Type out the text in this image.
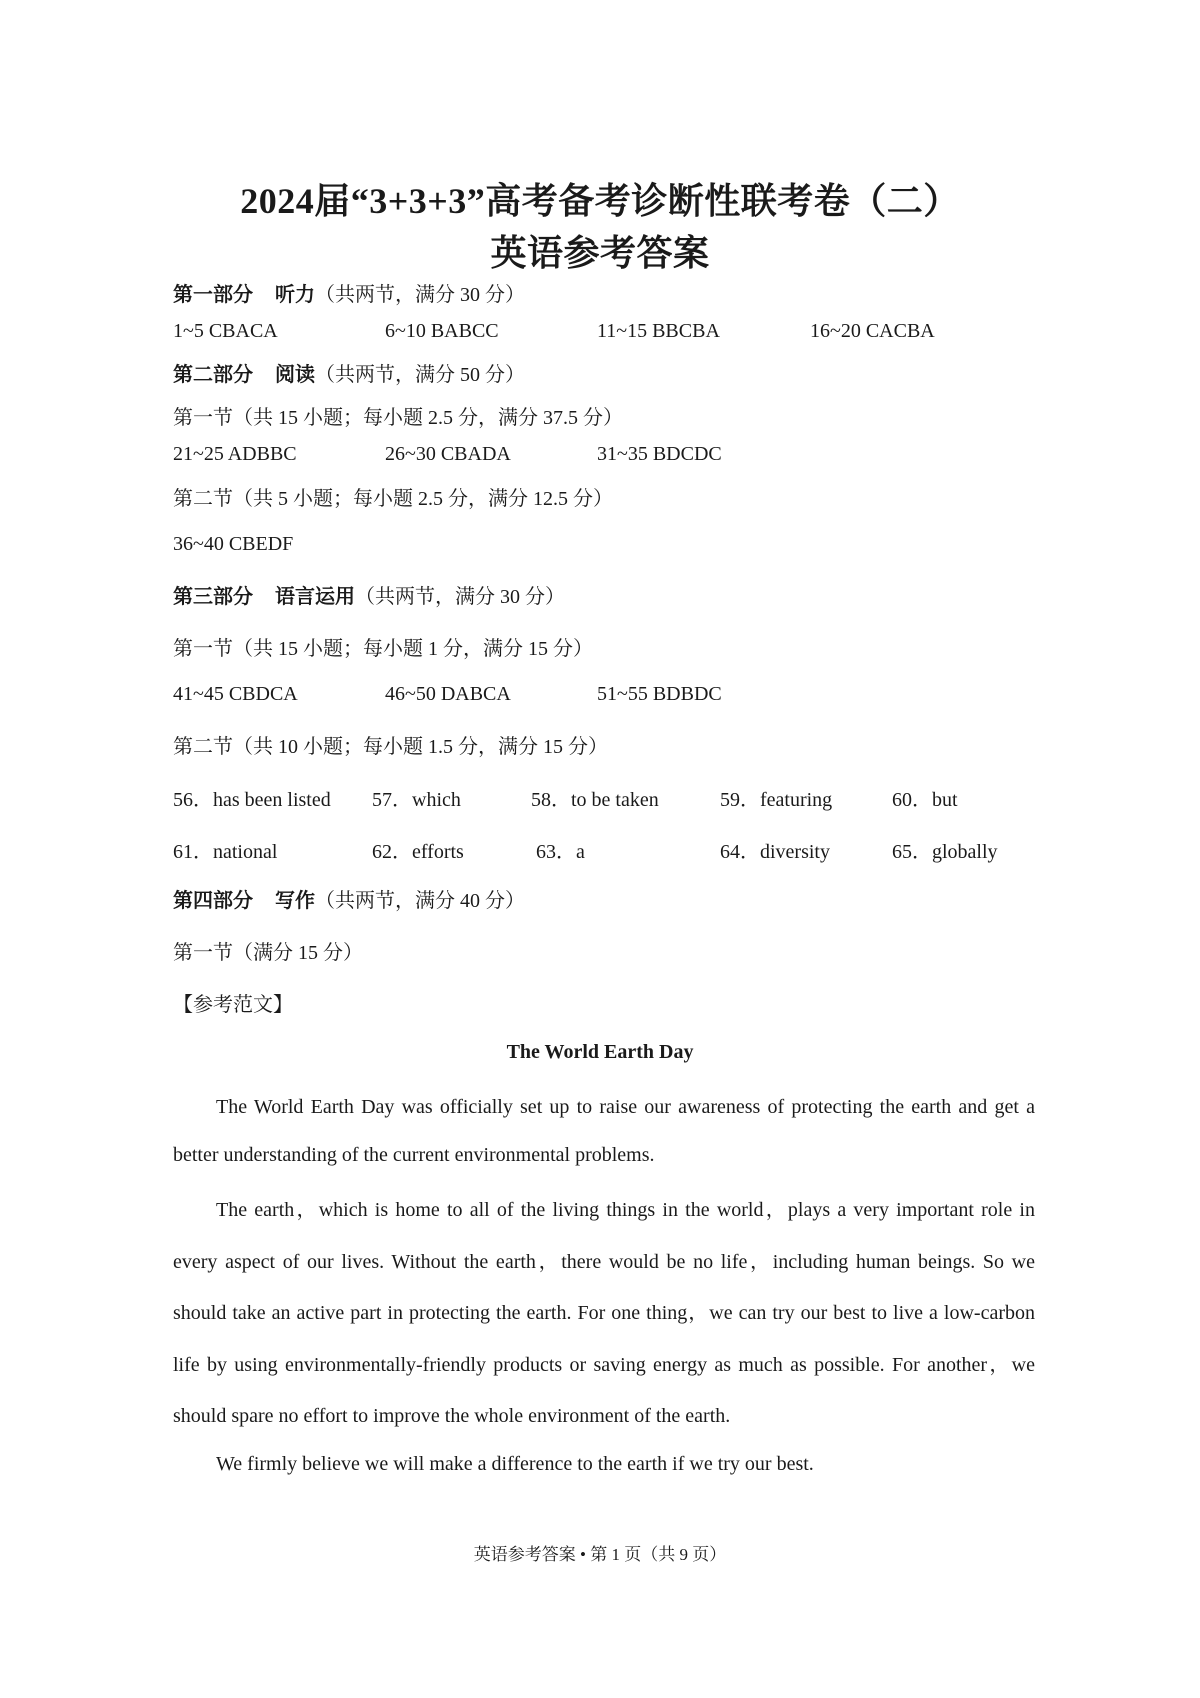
2024届“3+3+3”高考备考诊断性联考卷（二）
英语参考答案
第一部分 听力（共两节，满分 30 分）
1~5 CBACA	6~10 BABCC	11~15 BBCBA	16~20 CACBA
第二部分 阅读（共两节，满分 50 分）
第一节（共 15 小题；每小题 2.5 分，满分 37.5 分）
21~25 ADBBC	26~30 CBADA	31~35 BDCDC
第二节（共 5 小题；每小题 2.5 分，满分 12.5 分）
36~40 CBEDF
第三部分 语言运用（共两节，满分 30 分）
第一节（共 15 小题；每小题 1 分，满分 15 分）
41~45 CBDCA	46~50 DABCA	51~55 BDBDC
第二节（共 10 小题；每小题 1.5 分，满分 15 分）
56．has been listed 57．which	58．to be taken	59．featuring	60．but
61．national	62．efforts	63．a	64．diversity	65．globally
第四部分 写作（共两节，满分 40 分）
第一节（满分 15 分）
【参考范文】
The World Earth Day

The World Earth Day was officially set up to raise our awareness of protecting the earth and get a better understanding of the current environmental problems.

The earth，which is home to all of the living things in the world，plays a very important role in every aspect of our lives. Without the earth，there would be no life，including human beings. So we should take an active part in protecting the earth. For one thing，we can try our best to live a low-carbon life by using environmentally-friendly products or saving energy as much as possible. For another，we should spare no effort to improve the whole environment of the earth.

We firmly believe we will make a difference to the earth if we try our best.

英语参考答案 • 第 1 页（共 9 页）
